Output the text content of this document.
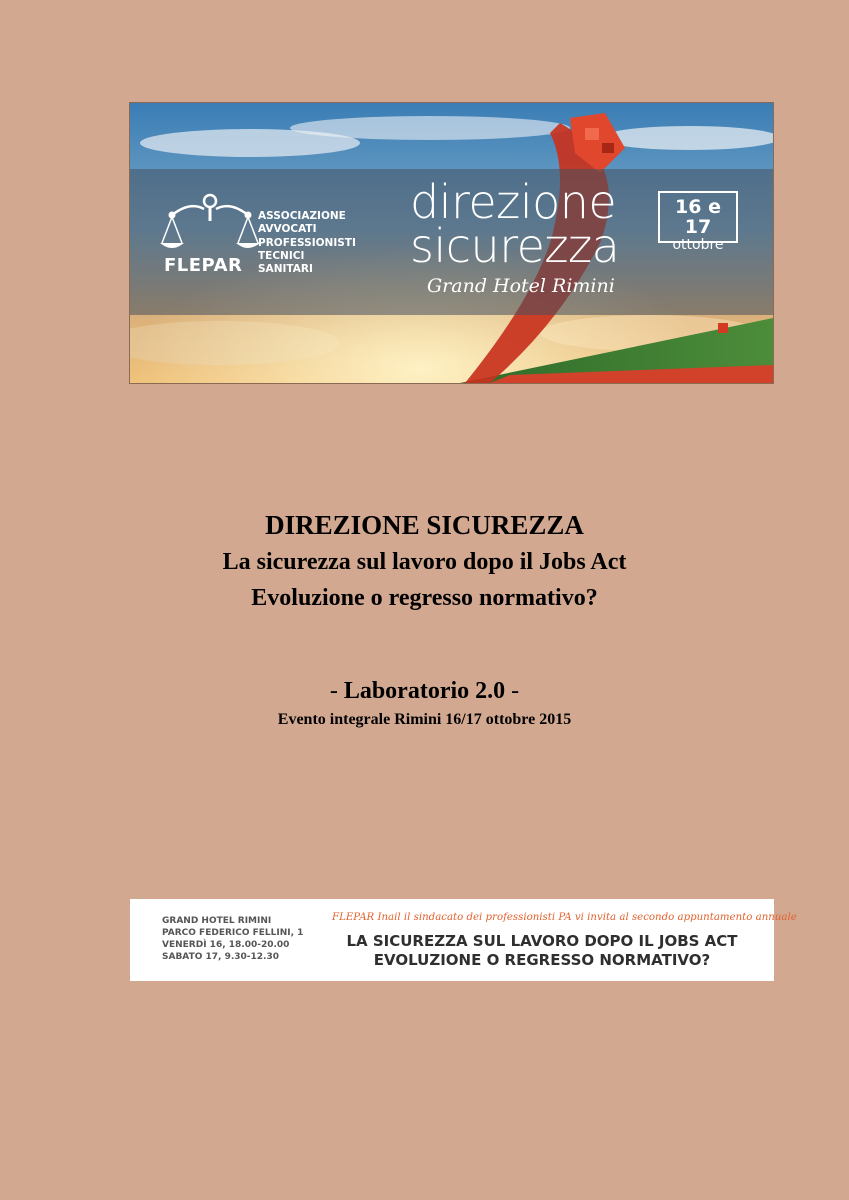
FLEPAR
ASSOCIAZIONE
AVVOCATI
PROFESSIONISTI
TECNICI
SANITARI
direzione
sicurezza
Grand Hotel Rimini
16 e 17
ottobre
DIREZIONE SICUREZZA
La sicurezza sul lavoro dopo il Jobs Act
Evoluzione o regresso normativo?
- Laboratorio 2.0 -
Evento integrale Rimini 16/17 ottobre 2015
GRAND HOTEL RIMINI
PARCO FEDERICO FELLINI, 1
VENERDÌ 16, 18.00-20.00
SABATO 17, 9.30-12.30
FLEPAR Inail il sindacato dei professionisti PA vi invita al secondo appuntamento annuale
LA SICUREZZA SUL LAVORO DOPO IL JOBS ACT
EVOLUZIONE O REGRESSO NORMATIVO?
